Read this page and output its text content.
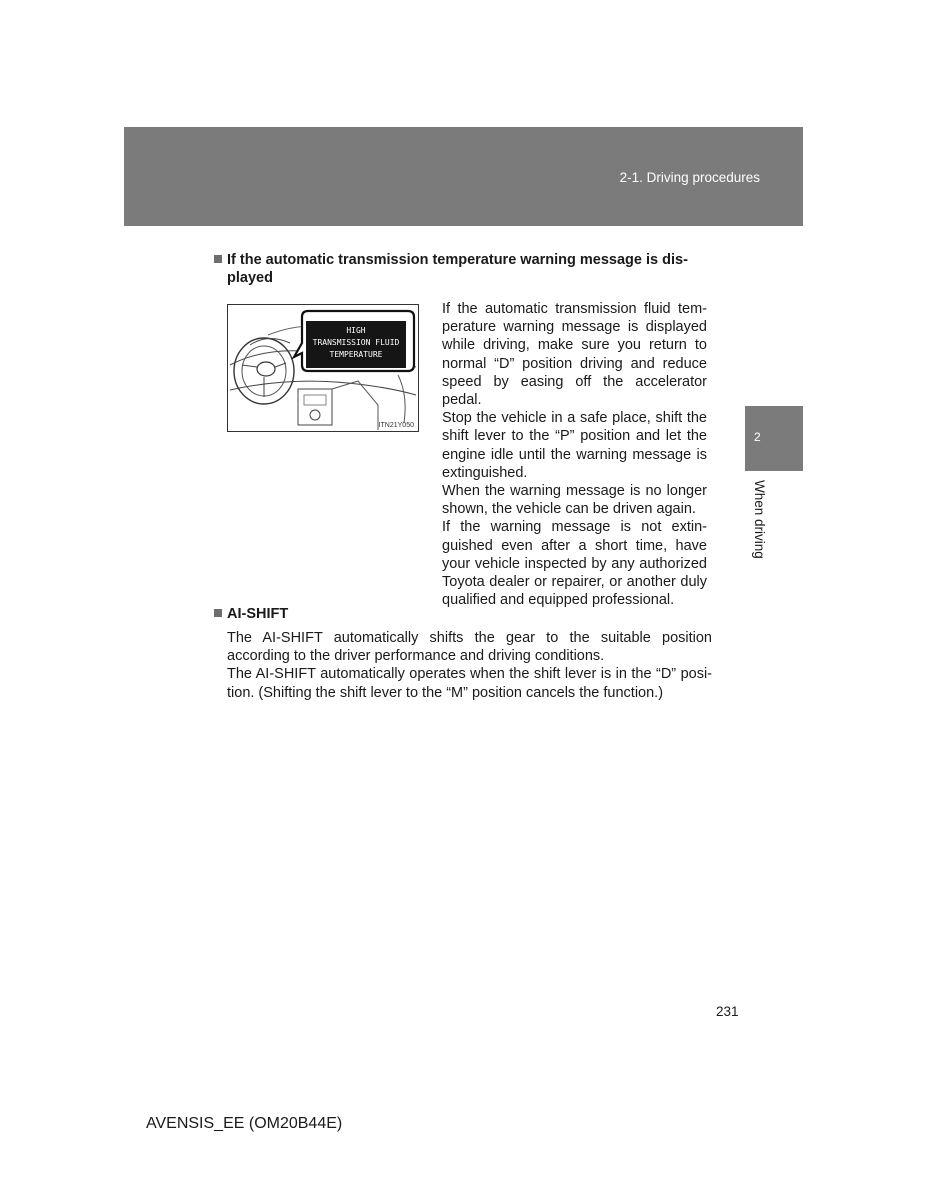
2-1. Driving procedures
2
When driving
If the automatic transmission temperature warning message is dis-
played
HIGH
TRANSMISSION FLUID
TEMPERATURE
ITN21Y050

If the automatic transmission fluid tem-perature warning message is displayed while driving, make sure you return to normal “D” position driving and reduce speed by easing off the accelerator pedal.

Stop the vehicle in a safe place, shift the shift lever to the “P” position and let the engine idle until the warning message is extinguished.

When the warning message is no longer shown, the vehicle can be driven again.

If the warning message is not extin-guished even after a short time, have your vehicle inspected by any authorized Toyota dealer or repairer, or another duly qualified and equipped professional.

AI-SHIFT

The AI-SHIFT automatically shifts the gear to the suitable position according to the driver performance and driving conditions.

The AI-SHIFT automatically operates when the shift lever is in the “D” posi-tion. (Shifting the shift lever to the “M” position cancels the function.)

231
AVENSIS_EE (OM20B44E)
